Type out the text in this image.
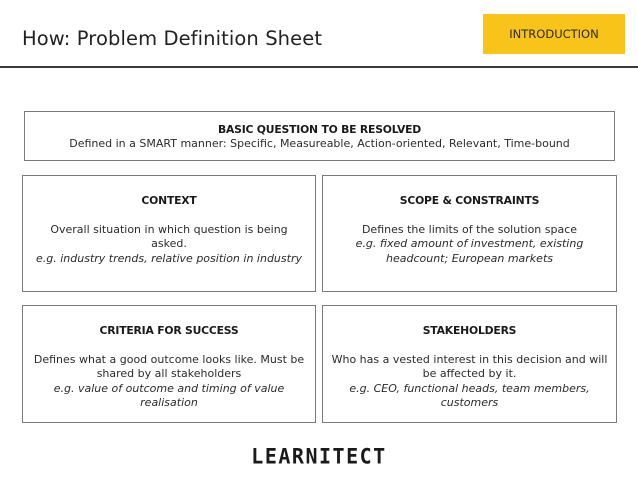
How: Problem Definition Sheet	INTRODUCTION
BASIC QUESTION TO BE RESOLVED
Defined in a SMART manner: Specific, Measureable, Action-oriented, Relevant, Time-bound
CONTEXT
Overall situation in which question is being asked.
e.g. industry trends, relative position in industry
SCOPE & CONSTRAINTS
Defines the limits of the solution space
e.g. fixed amount of investment, existing headcount; European markets
CRITERIA FOR SUCCESS
Defines what a good outcome looks like. Must be shared by all stakeholders
e.g. value of outcome and timing of value realisation
STAKEHOLDERS
Who has a vested interest in this decision and will be affected by it.
e.g. CEO, functional heads, team members, customers
LEARNITECT
